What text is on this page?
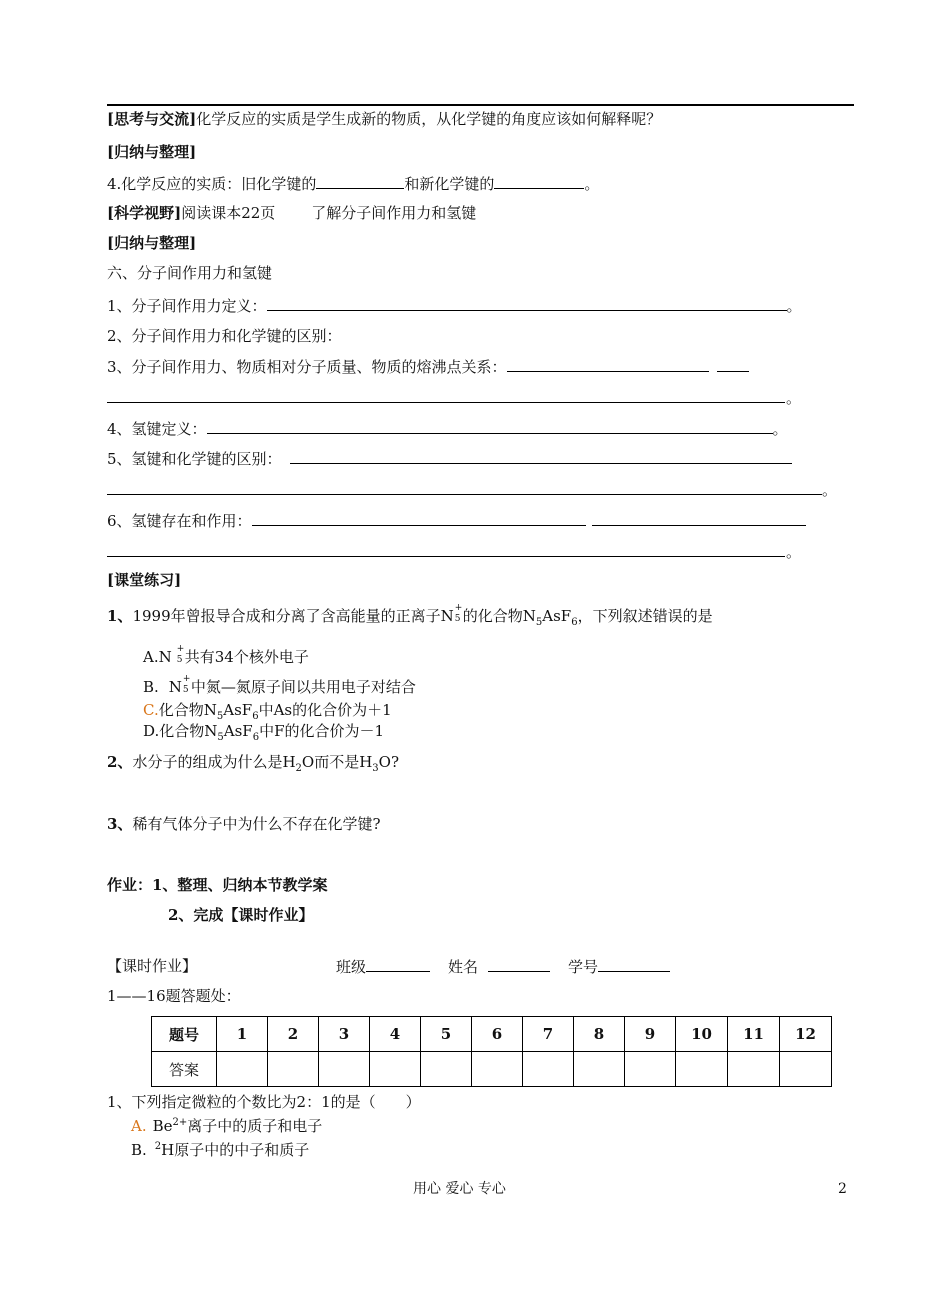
[思考与交流]化学反应的实质是学生成新的物质，从化学键的角度应该如何解释呢？
[归纳与整理]
4.化学反应的实质：旧化学键的	和新化学键的	。
[科学视野]阅读课本22页 了解分子间作用力和氢键
[归纳与整理]
六、分子间作用力和氢键
1、分子间作用力定义：	。
2、分子间作用力和化学键的区别：
3、分子间作用力、物质相对分子质量、物质的熔沸点关系：
。
4、氢键定义：	。
5、氢键和化学键的区别：
。
6、氢键存在和作用：
。
[课堂练习]
1、1999年曾报导合成和分离了含高能量的正离子N +
5 的化合物$N_5AsF_6$，下列叙述错误的是
A.N +
5 共有34个核外电子
B. N +
5 中氮—氮原子间以共用电子对结合
C.化合物$N_5AsF_6$中As的化合价为＋1
D.化合物$N_5AsF_6$中F的化合价为－1
2、水分子的组成为什么是$H_2O$而不是$H_3O$?
3、稀有气体分子中为什么不存在化学键?
作业：1、整理、归纳本节教学案
2、完成【课时作业】
【课时作业】	班级	姓名	学号
1——16题答题处：
题号	1	2	3	4	5	6	7	8	9	10	11	12
答案												
1、下列指定微粒的个数比为2：1的是（　　）
A. $Be^{2+}$离子中的质子和电子
B. $^2$H原子中的中子和质子
用心 爱心 专心	2
